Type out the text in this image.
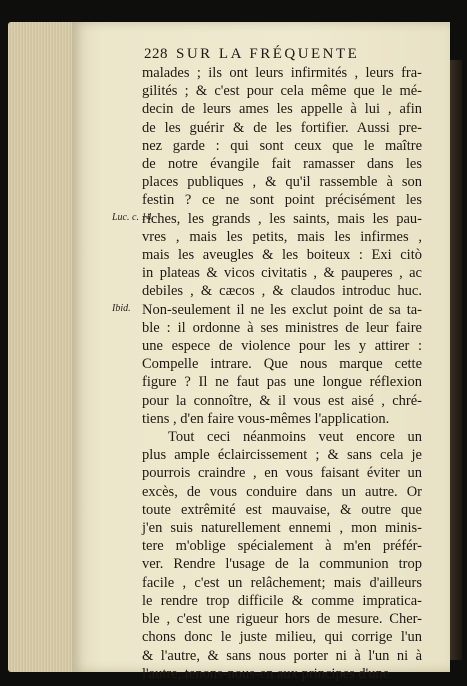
228 SUR LA FRÉQUENTE
malades ; ils ont leurs infirmités , leurs fra-
gilités ; & c'est pour cela même que le mé-
decin de leurs ames les appelle à lui , afin
de les guérir & de les fortifier. Aussi pre-
nez garde : qui sont ceux que le maître
de notre évangile fait ramasser dans les
places publiques , & qu'il rassemble à son
festin ? ce ne sont point précisément les
riches, les grands , les saints, mais les pau-
vres , mais les petits, mais les infirmes ,
mais les aveugles & les boiteux : Exi citò
in plateas & vicos civitatis , & pauperes , ac
debiles , & cæcos , & claudos introduc huc.
Non-seulement il ne les exclut point de sa ta-
ble : il ordonne à ses ministres de leur faire
une espece de violence pour les y attirer :
Compelle intrare. Que nous marque cette
figure ? Il ne faut pas une longue réflexion
pour la connoître, & il vous est aisé , chré-
tiens , d'en faire vous-mêmes l'application.
Tout ceci néanmoins veut encore un
plus ample éclaircissement ; & sans cela je
pourrois craindre , en vous faisant éviter un
excès, de vous conduire dans un autre. Or
toute extrêmité est mauvaise, & outre que
j'en suis naturellement ennemi , mon minis-
tere m'oblige spécialement à m'en préfér-
ver. Rendre l'usage de la communion trop
facile , c'est un relâchement; mais d'ailleurs
le rendre trop difficile & comme impratica-
ble , c'est une rigueur hors de mesure. Cher-
chons donc le juste milieu, qui corrige l'un
& l'autre, & sans nous porter ni à l'un ni à
l'autre, tenons-nous-en aux principes d'une
Luc. c. 14.
Ibid.
